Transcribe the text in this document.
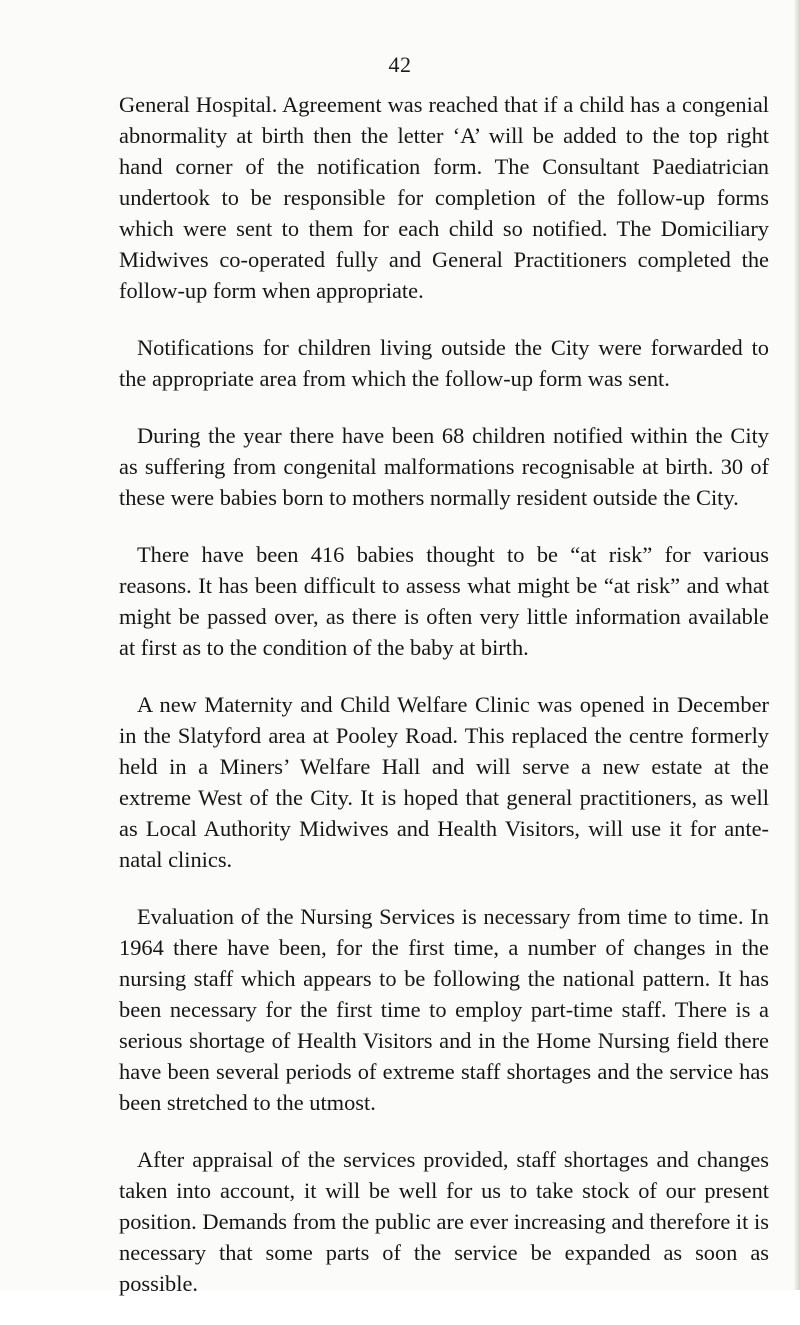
42

General Hospital. Agreement was reached that if a child has a congenial abnormality at birth then the letter ‘A’ will be added to the top right hand corner of the notification form. The Consultant Paediatrician undertook to be responsible for completion of the follow-up forms which were sent to them for each child so notified. The Domiciliary Midwives co-operated fully and General Practitioners completed the follow-up form when appropriate.

Notifications for children living outside the City were forwarded to the appropriate area from which the follow-up form was sent.

During the year there have been 68 children notified within the City as suffering from congenital malformations recognisable at birth. 30 of these were babies born to mothers normally resident outside the City.

There have been 416 babies thought to be “at risk” for various reasons. It has been difficult to assess what might be “at risk” and what might be passed over, as there is often very little information available at first as to the condition of the baby at birth.

A new Maternity and Child Welfare Clinic was opened in December in the Slatyford area at Pooley Road. This replaced the centre formerly held in a Miners’ Welfare Hall and will serve a new estate at the extreme West of the City. It is hoped that general practitioners, as well as Local Authority Midwives and Health Visitors, will use it for ante-natal clinics.

Evaluation of the Nursing Services is necessary from time to time. In 1964 there have been, for the first time, a number of changes in the nursing staff which appears to be following the national pattern. It has been necessary for the first time to employ part-time staff. There is a serious shortage of Health Visitors and in the Home Nursing field there have been several periods of extreme staff shortages and the service has been stretched to the utmost.

After appraisal of the services provided, staff shortages and changes taken into account, it will be well for us to take stock of our present position. Demands from the public are ever increasing and therefore it is necessary that some parts of the service be expanded as soon as possible.
